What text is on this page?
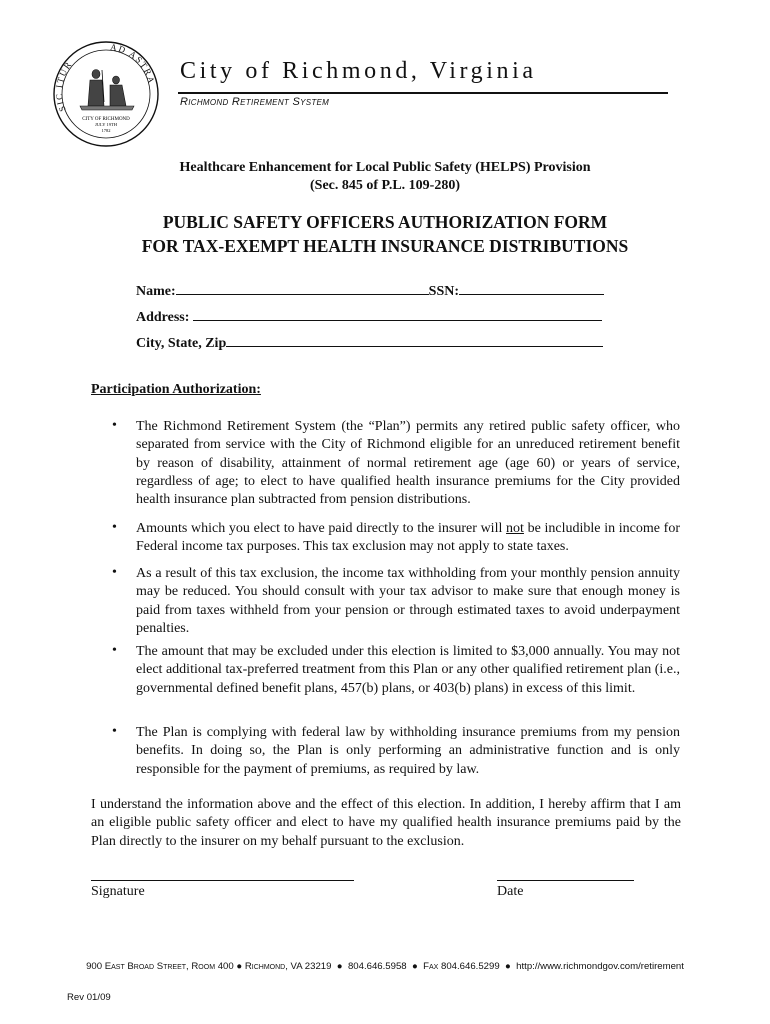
SIC ITUR
AD ASTRA
CITY OF RICHMOND
JULY 19TH
1782
City of Richmond, Virginia
Richmond Retirement System
Healthcare Enhancement for Local Public Safety (HELPS) Provision
(Sec. 845 of P.L. 109-280)
PUBLIC SAFETY OFFICERS AUTHORIZATION FORM
FOR TAX-EXEMPT HEALTH INSURANCE DISTRIBUTIONS
Name:	SSN:
Address:
City, State, Zip
Participation Authorization:
• The Richmond Retirement System (the “Plan”) permits any retired public safety officer, who separated from service with the City of Richmond eligible for an unreduced retirement benefit by reason of disability, attainment of normal retirement age (age 60) or years of service, regardless of age; to elect to have qualified health insurance premiums for the City provided health insurance plan subtracted from pension distributions.
• Amounts which you elect to have paid directly to the insurer will not be includible in income for Federal income tax purposes. This tax exclusion may not apply to state taxes.
• As a result of this tax exclusion, the income tax withholding from your monthly pension annuity may be reduced. You should consult with your tax advisor to make sure that enough money is paid from taxes withheld from your pension or through estimated taxes to avoid underpayment penalties.
• The amount that may be excluded under this election is limited to $3,000 annually. You may not elect additional tax-preferred treatment from this Plan or any other qualified retirement plan (i.e., governmental defined benefit plans, 457(b) plans, or 403(b) plans) in excess of this limit.
• The Plan is complying with federal law by withholding insurance premiums from my pension benefits. In doing so, the Plan is only performing an administrative function and is only responsible for the payment of premiums, as required by law.
I understand the information above and the effect of this election. In addition, I hereby affirm that I am an eligible public safety officer and elect to have my qualified health insurance premiums paid by the Plan directly to the insurer on my behalf pursuant to the exclusion.
Signature	Date
900 East Broad Street, Room 400 ● Richmond, VA 23219 ● 804.646.5958 ● Fax 804.646.5299 ● http://www.richmondgov.com/retirement
Rev 01/09
